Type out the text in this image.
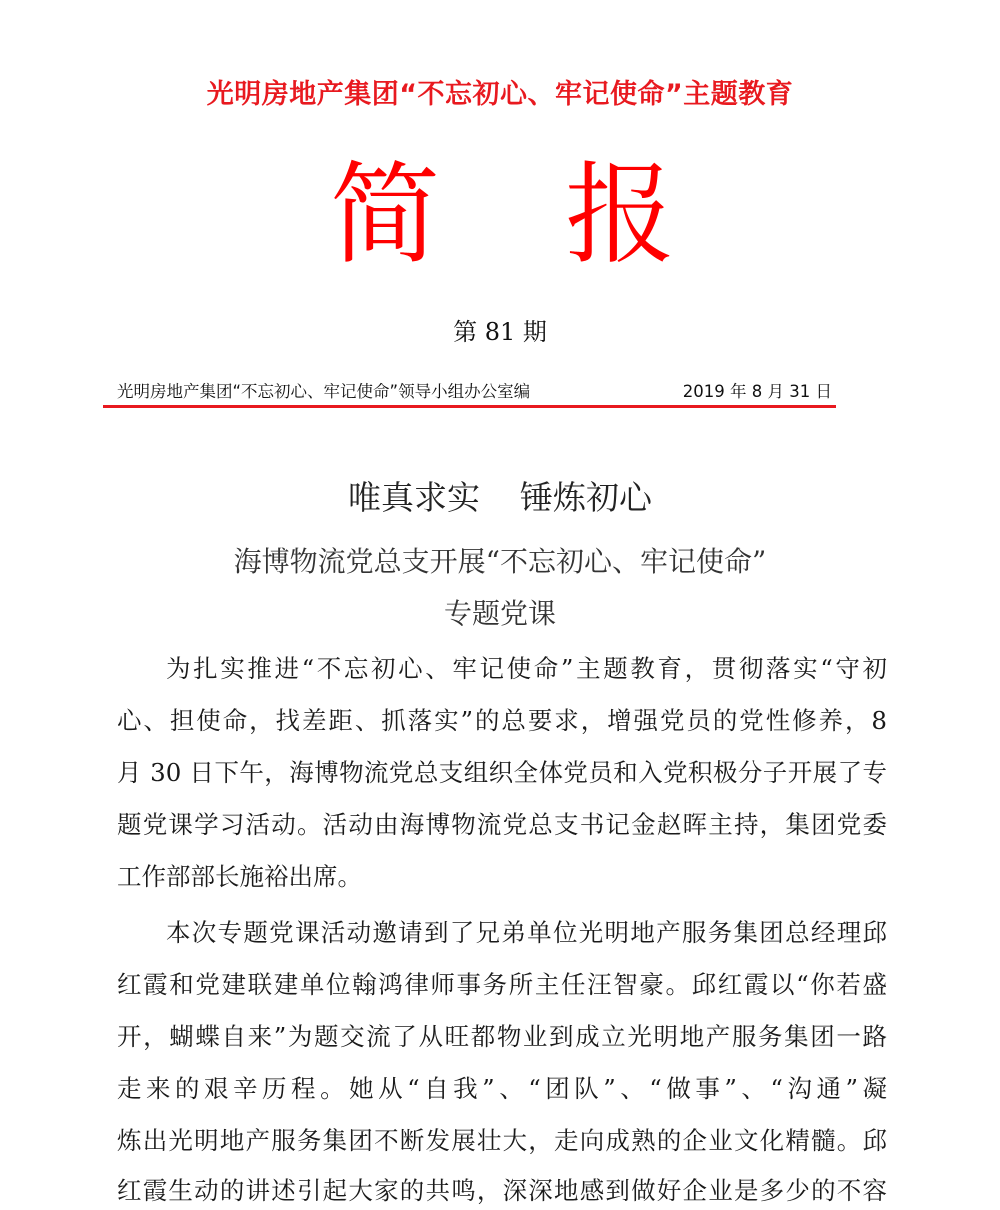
光明房地产集团“不忘初心、牢记使命”主题教育
简 报
第 81 期
光明房地产集团“不忘初心、牢记使命”领导小组办公室编	2019 年 8 月 31 日
唯真求实 锤炼初心
海博物流党总支开展“不忘初心、牢记使命”
专题党课
为扎实推进“不忘初心、牢记使命”主题教育，贯彻落实“守初
心、担使命，找差距、抓落实”的总要求，增强党员的党性修养，8
月 30 日下午，海博物流党总支组织全体党员和入党积极分子开展了专
题党课学习活动。活动由海博物流党总支书记金赵晖主持，集团党委
工作部部长施裕出席。
本次专题党课活动邀请到了兄弟单位光明地产服务集团总经理邱
红霞和党建联建单位翰鸿律师事务所主任汪智豪。邱红霞以“你若盛
开，蝴蝶自来”为题交流了从旺都物业到成立光明地产服务集团一路
走来的艰辛历程。她从“自我”、“团队”、“做事”、“沟通”凝
炼出光明地产服务集团不断发展壮大，走向成熟的企业文化精髓。邱
红霞生动的讲述引起大家的共鸣，深深地感到做好企业是多少的不容
